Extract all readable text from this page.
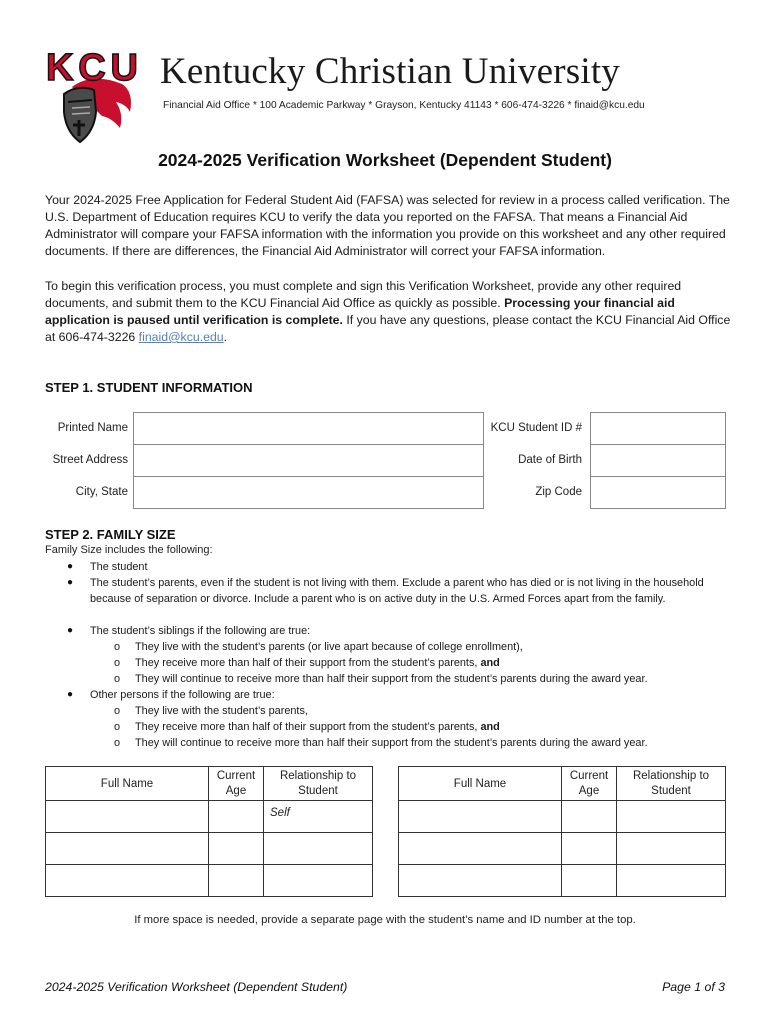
KCU Kentucky Christian University
Financial Aid Office * 100 Academic Parkway * Grayson, Kentucky 41143 * 606-474-3226 * finaid@kcu.edu
2024-2025 Verification Worksheet (Dependent Student)
Your 2024-2025 Free Application for Federal Student Aid (FAFSA) was selected for review in a process called verification. The U.S. Department of Education requires KCU to verify the data you reported on the FAFSA. That means a Financial Aid Administrator will compare your FAFSA information with the information you provide on this worksheet and any other required documents. If there are differences, the Financial Aid Administrator will correct your FAFSA information.
To begin this verification process, you must complete and sign this Verification Worksheet, provide any other required documents, and submit them to the KCU Financial Aid Office as quickly as possible. Processing your financial aid application is paused until verification is complete. If you have any questions, please contact the KCU Financial Aid Office at 606-474-3226 finaid@kcu.edu.
STEP 1. STUDENT INFORMATION
Printed Name	KCU Student ID #
Street Address	Date of Birth
City, State	Zip Code
STEP 2. FAMILY SIZE
Family Size includes the following:
● The student
● The student’s parents, even if the student is not living with them. Exclude a parent who has died or is not living in the household because of separation or divorce. Include a parent who is on active duty in the U.S. Armed Forces apart from the family.
● The student’s siblings if the following are true:
o They live with the student’s parents (or live apart because of college enrollment),
o They receive more than half of their support from the student’s parents, and
o They will continue to receive more than half their support from the student’s parents during the award year.
● Other persons if the following are true:
o They live with the student’s parents,
o They receive more than half of their support from the student’s parents, and
o They will continue to receive more than half their support from the student’s parents during the award year.
Full Name	Current Age	Relationship to Student
		Self

Full Name	Current Age	Relationship to Student

If more space is needed, provide a separate page with the student’s name and ID number at the top.
2024-2025 Verification Worksheet (Dependent Student)	Page 1 of 3
